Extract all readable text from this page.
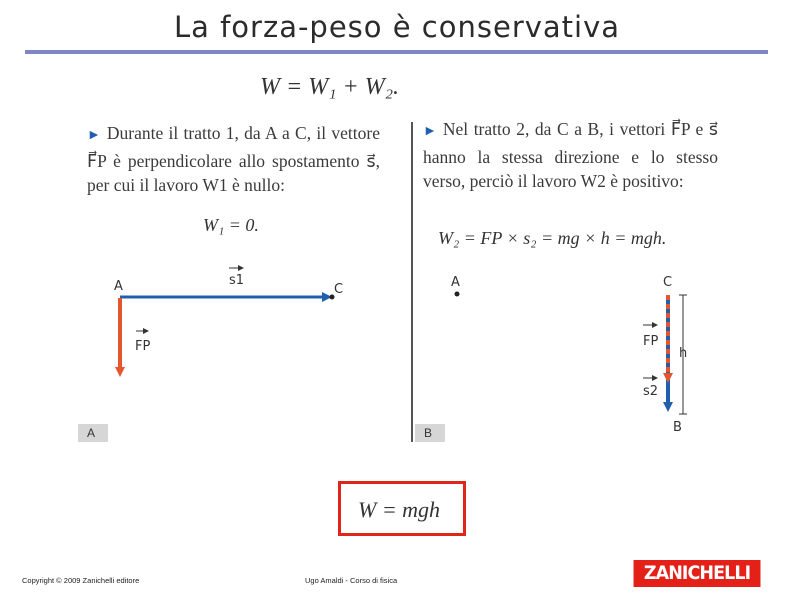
La forza-peso è conservativa
W = W₁ + W₂.
► Durante il tratto 1, da A a C, il vettore F⃗P è perpendicolare allo spostamento s⃗, per cui il lavoro W1 è nullo:
W₁ = 0.
► Nel tratto 2, da C a B, i vettori F⃗P e s⃗ hanno la stessa direzione e lo stesso verso, perciò il lavoro W2 è positivo:
W₂ = FP × s₂ = mg × h = mgh.
A	C
s1
FP
A	C
B
h
FP
s2
A	B
W = mgh
Copyright © 2009 Zanichelli editore	Ugo Amaldi - Corso di fisica	ZANICHELLI
